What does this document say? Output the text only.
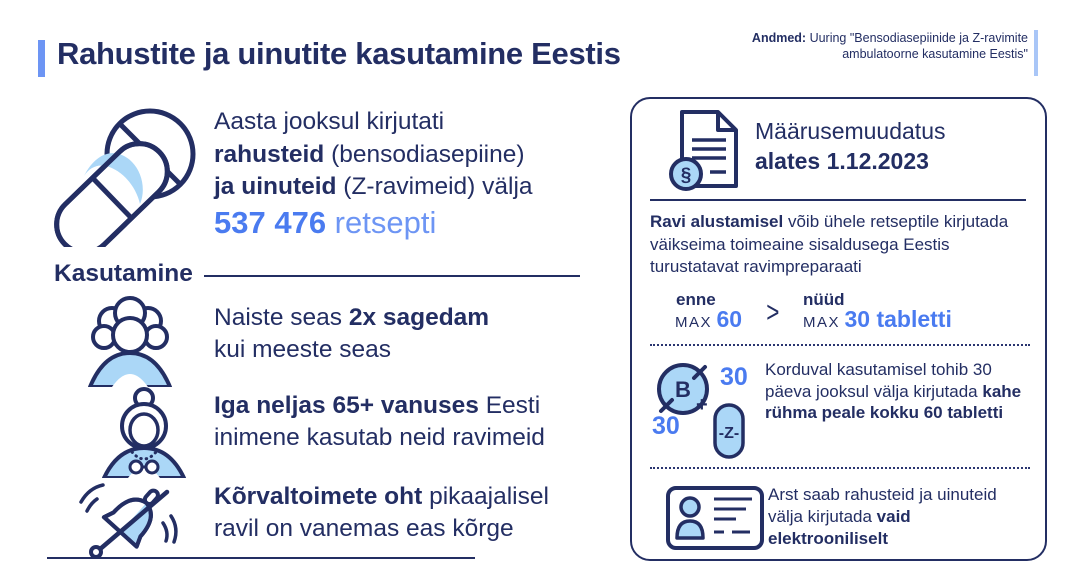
Rahustite ja uinutite kasutamine Eestis	Andmed: Uuring "Bensodiasepiinide ja Z-ravimite
ambulatoorne kasutamine Eestis"
Aasta jooksul kirjutati
rahusteid (bensodiasepiine)
ja uinuteid (Z-ravimeid) välja
537 476 retsepti
Kasutamine
Naiste seas 2x sagedam
kui meeste seas
Iga neljas 65+ vanuses Eesti
inimene kasutab neid ravimeid
Kõrvaltoimete oht pikaajalisel
ravil on vanemas eas kõrge
§
Määrusemuudatus
alates 1.12.2023
Ravi alustamisel võib ühele retseptile kirjutada väikseima toimeaine sisaldusega Eestis turustatavat ravimpreparaati
enne
MAX 60 > nüüd
MAX 30 tabletti
B 30
+
30 -Z-
Korduval kasutamisel tohib 30 päeva jooksul välja kirjutada kahe rühma peale kokku 60 tabletti
Arst saab rahusteid ja uinuteid välja kirjutada vaid elektrooniliselt
